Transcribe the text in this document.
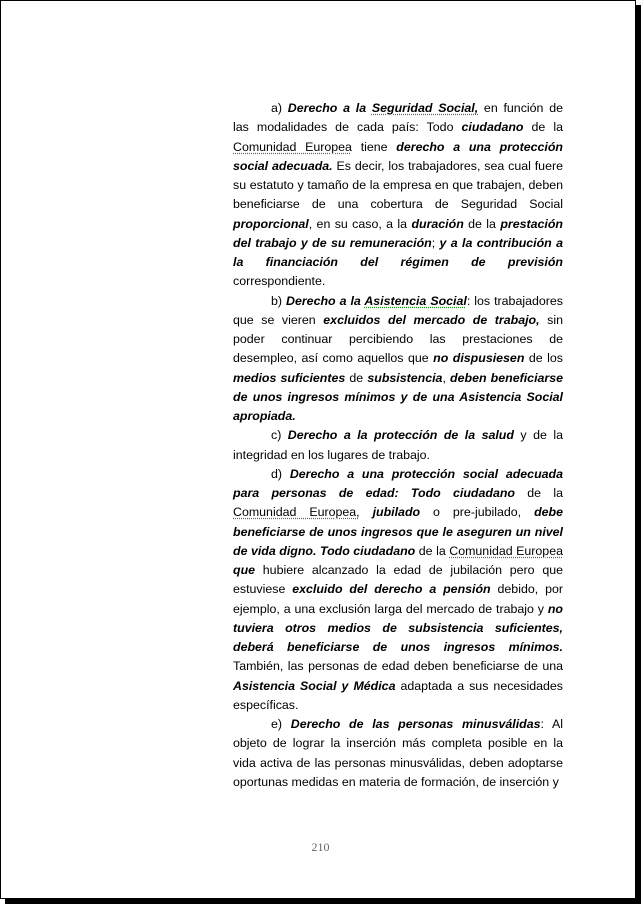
a) Derecho a la Seguridad Social, en función de las modalidades de cada país: Todo ciudadano de la Comunidad Europea tiene derecho a una protección social adecuada. Es decir, los trabajadores, sea cual fuere su estatuto y tamaño de la empresa en que trabajen, deben beneficiarse de una cobertura de Seguridad Social proporcional, en su caso, a la duración de la prestación del trabajo y de su remuneración; y a la contribución a la financiación del régimen de previsión correspondiente.

b) Derecho a la Asistencia Social: los trabajadores que se vieren excluidos del mercado de trabajo, sin poder continuar percibiendo las prestaciones de desempleo, así como aquellos que no dispusiesen de los medios suficientes de subsistencia, deben beneficiarse de unos ingresos mínimos y de una Asistencia Social apropiada.

c) Derecho a la protección de la salud y de la integridad en los lugares de trabajo.

d) Derecho a una protección social adecuada para personas de edad: Todo ciudadano de la Comunidad Europea, jubilado o pre-jubilado, debe beneficiarse de unos ingresos que le aseguren un nivel de vida digno. Todo ciudadano de la Comunidad Europea que hubiere alcanzado la edad de jubilación pero que estuviese excluido del derecho a pensión debido, por ejemplo, a una exclusión larga del mercado de trabajo y no tuviera otros medios de subsistencia suficientes, deberá beneficiarse de unos ingresos mínimos. También, las personas de edad deben beneficiarse de una Asistencia Social y Médica adaptada a sus necesidades específicas.

e) Derecho de las personas minusválidas: Al objeto de lograr la inserción más completa posible en la vida activa de las personas minusválidas, deben adoptarse oportunas medidas en materia de formación, de inserción y

210
